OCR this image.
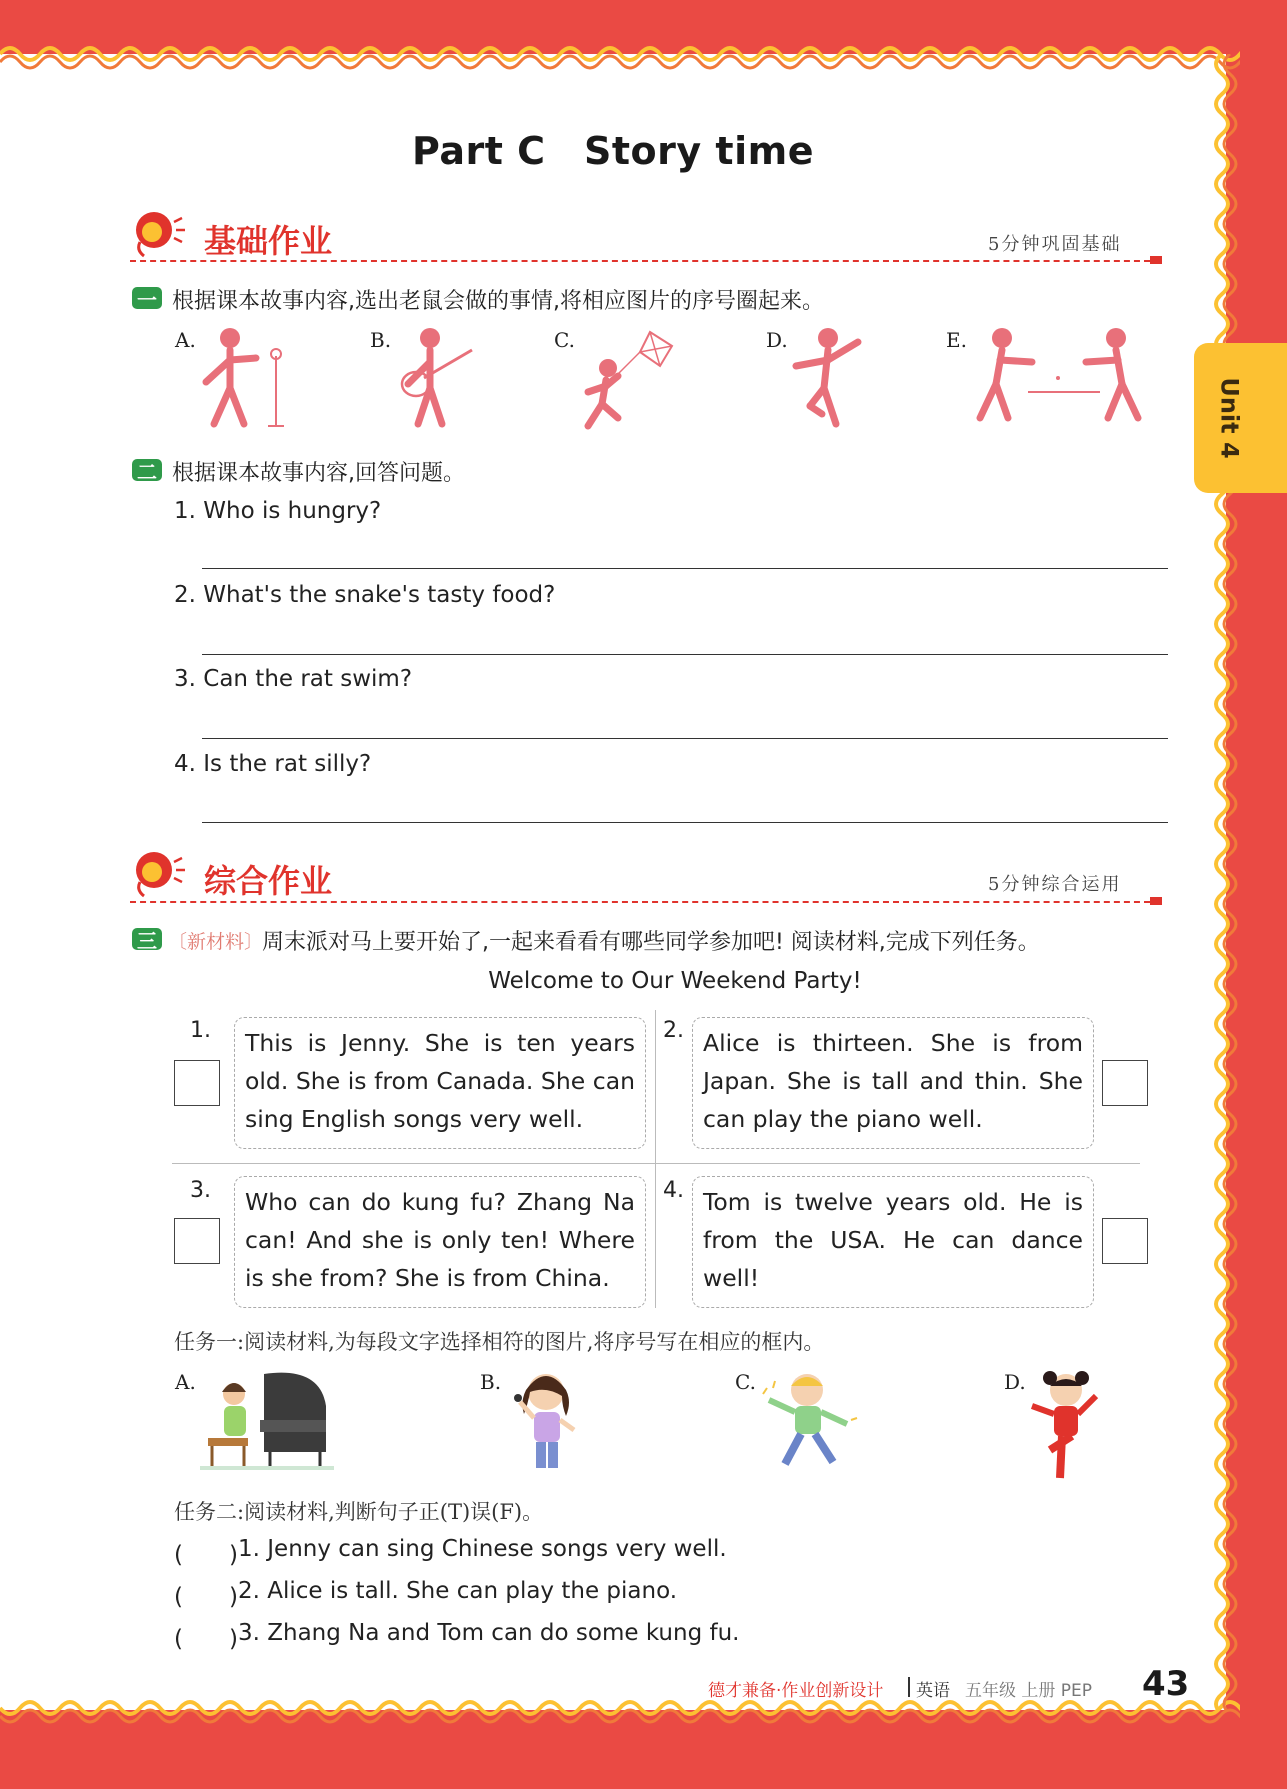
Unit 4
Part C　Story time
基础作业	5分钟巩固基础
一 根据课本故事内容,选出老鼠会做的事情,将相应图片的序号圈起来。
A.	B.	C.	D.	E.
二 根据课本故事内容,回答问题。
1. Who is hungry?
2. What's the snake's tasty food?
3. Can the rat swim?
4. Is the rat silly?
综合作业	5分钟综合运用
三 〔新材料〕
周末派对马上要开始了,一起来看看有哪些同学参加吧! 阅读材料,完成下列任务。
Welcome to Our Weekend Party!
1.	This is Jenny. She is ten years old. She is from Canada. She can sing English songs very well.
2. Alice is thirteen. She is from Japan. She is tall and thin. She can play the piano well.
3.	Who can do kung fu? Zhang Na can! And she is only ten! Where is she from? She is from China.
4. Tom is twelve years old. He is from the USA. He can dance well!
任务一:阅读材料,为每段文字选择相符的图片,将序号写在相应的框内。
A.	B.	C.	D.
任务二:阅读材料,判断句子正(T)误(F)。
(　　) 1. Jenny can sing Chinese songs very well.
(　　) 2. Alice is tall. She can play the piano.
(　　) 3. Zhang Na and Tom can do some kung fu.
德才兼备·作业创新设计 英语 五年级 上册 PEP 43
